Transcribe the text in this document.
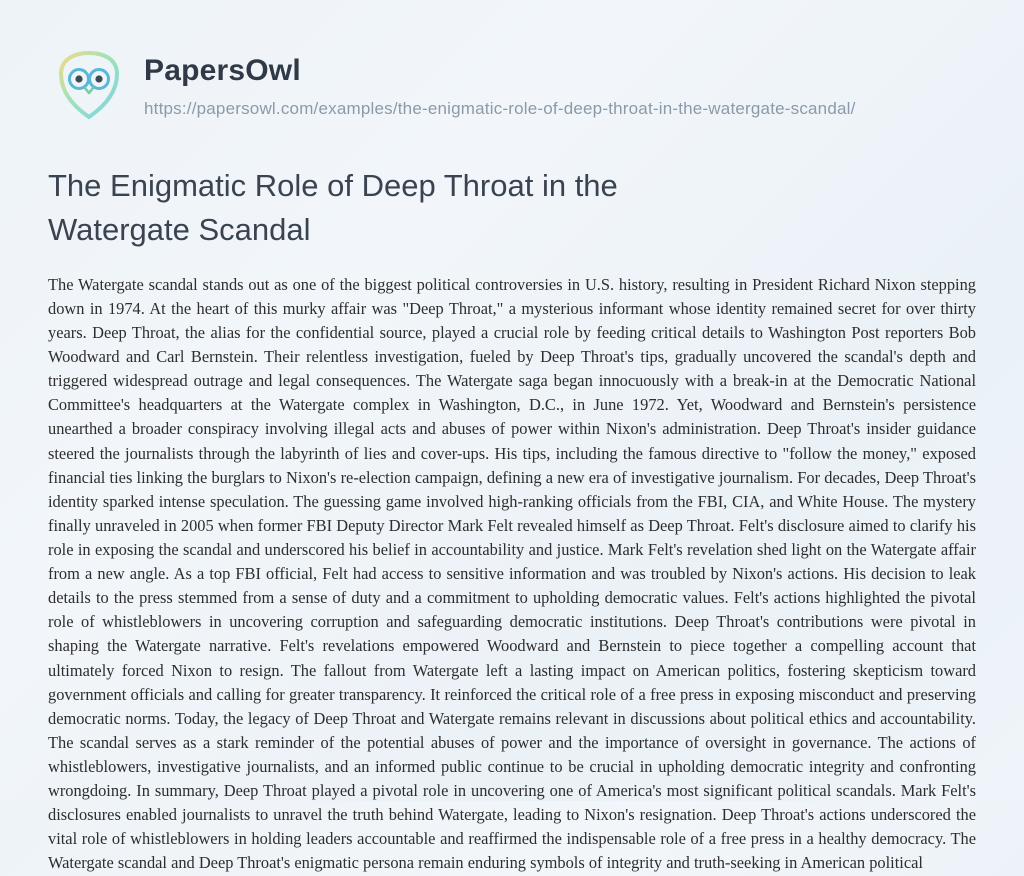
PapersOwl
https://papersowl.com/examples/the-enigmatic-role-of-deep-throat-in-the-watergate-scandal/
The Enigmatic Role of Deep Throat in the Watergate Scandal
The Watergate scandal stands out as one of the biggest political controversies in U.S. history, resulting in President Richard Nixon stepping down in 1974. At the heart of this murky affair was "Deep Throat," a mysterious informant whose identity remained secret for over thirty years. Deep Throat, the alias for the confidential source, played a crucial role by feeding critical details to Washington Post reporters Bob Woodward and Carl Bernstein. Their relentless investigation, fueled by Deep Throat's tips, gradually uncovered the scandal's depth and triggered widespread outrage and legal consequences. The Watergate saga began innocuously with a break-in at the Democratic National Committee's headquarters at the Watergate complex in Washington, D.C., in June 1972. Yet, Woodward and Bernstein's persistence unearthed a broader conspiracy involving illegal acts and abuses of power within Nixon's administration. Deep Throat's insider guidance steered the journalists through the labyrinth of lies and cover-ups. His tips, including the famous directive to "follow the money," exposed financial ties linking the burglars to Nixon's re-election campaign, defining a new era of investigative journalism. For decades, Deep Throat's identity sparked intense speculation. The guessing game involved high-ranking officials from the FBI, CIA, and White House. The mystery finally unraveled in 2005 when former FBI Deputy Director Mark Felt revealed himself as Deep Throat. Felt's disclosure aimed to clarify his role in exposing the scandal and underscored his belief in accountability and justice. Mark Felt's revelation shed light on the Watergate affair from a new angle. As a top FBI official, Felt had access to sensitive information and was troubled by Nixon's actions. His decision to leak details to the press stemmed from a sense of duty and a commitment to upholding democratic values. Felt's actions highlighted the pivotal role of whistleblowers in uncovering corruption and safeguarding democratic institutions. Deep Throat's contributions were pivotal in shaping the Watergate narrative. Felt's revelations empowered Woodward and Bernstein to piece together a compelling account that ultimately forced Nixon to resign. The fallout from Watergate left a lasting impact on American politics, fostering skepticism toward government officials and calling for greater transparency. It reinforced the critical role of a free press in exposing misconduct and preserving democratic norms. Today, the legacy of Deep Throat and Watergate remains relevant in discussions about political ethics and accountability. The scandal serves as a stark reminder of the potential abuses of power and the importance of oversight in governance. The actions of whistleblowers, investigative journalists, and an informed public continue to be crucial in upholding democratic integrity and confronting wrongdoing. In summary, Deep Throat played a pivotal role in uncovering one of America's most significant political scandals. Mark Felt's disclosures enabled journalists to unravel the truth behind Watergate, leading to Nixon's resignation. Deep Throat's actions underscored the vital role of whistleblowers in holding leaders accountable and reaffirmed the indispensable role of a free press in a healthy democracy. The Watergate scandal and Deep Throat's enigmatic persona remain enduring symbols of integrity and truth-seeking in American political
